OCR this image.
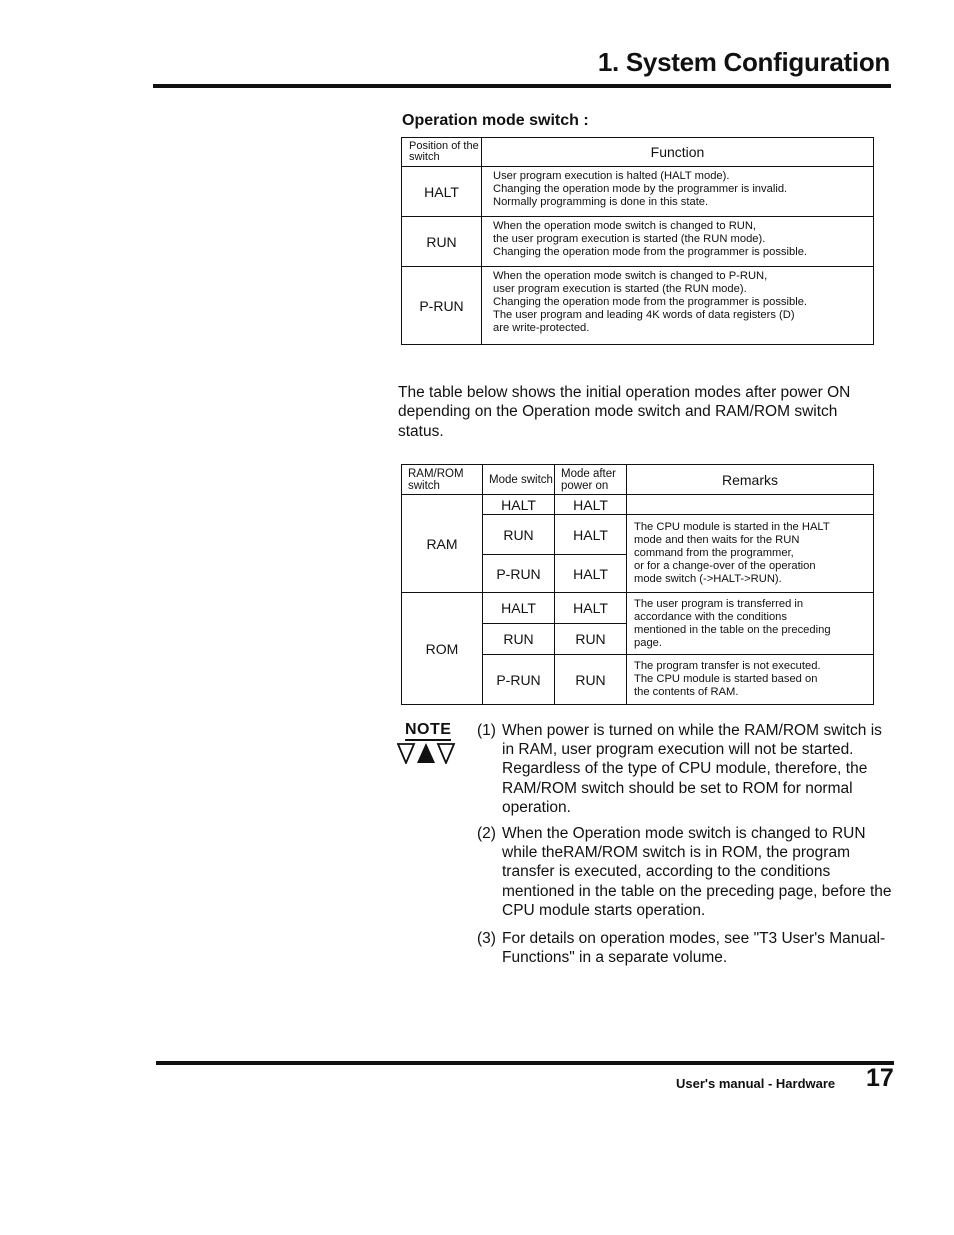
1. System Configuration
Operation mode switch :
Position of the switch	Function
HALT	User program execution is halted (HALT mode).
Changing the operation mode by the programmer is invalid.
Normally programming is done in this state.

RUN	When the operation mode switch is changed to RUN,
the user program execution is started (the RUN mode).
Changing the operation mode from the programmer is possible.

P-RUN	When the operation mode switch is changed to P-RUN,
user program execution is started (the RUN mode).
Changing the operation mode from the programmer is possible.
The user program and leading 4K words of data registers (D)
are write-protected.
The table below shows the initial operation modes after power ON depending on the Operation mode switch and RAM/ROM switch status.
RAM/ROM switch	Mode switch	Mode after power on	Remarks
RAM	HALT	HALT	
	RUN	HALT	The CPU module is started in the HALT
mode and then waits for the RUN
command from the programmer,
or for a change-over of the operation
mode switch (->HALT->RUN).

	P-RUN	HALT	
ROM	HALT	HALT	The user program is transferred in
accordance with the conditions
mentioned in the table on the preceding
page.

	RUN	RUN	
	P-RUN	RUN	The program transfer is not executed.
The CPU module is started based on
the contents of RAM.
NOTE (1) When power is turned on while the RAM/ROM switch is in RAM, user program execution will not be started. Regardless of the type of CPU module, therefore, the RAM/ROM switch should be set to ROM for normal operation.
(2) When the Operation mode switch is changed to RUN while theRAM/ROM switch is in ROM, the program transfer is executed, according to the conditions mentioned in the table on the preceding page, before the CPU module starts operation.
(3) For details on operation modes, see "T3 User's Manual-Functions" in a separate volume.
User's manual - Hardware 17
